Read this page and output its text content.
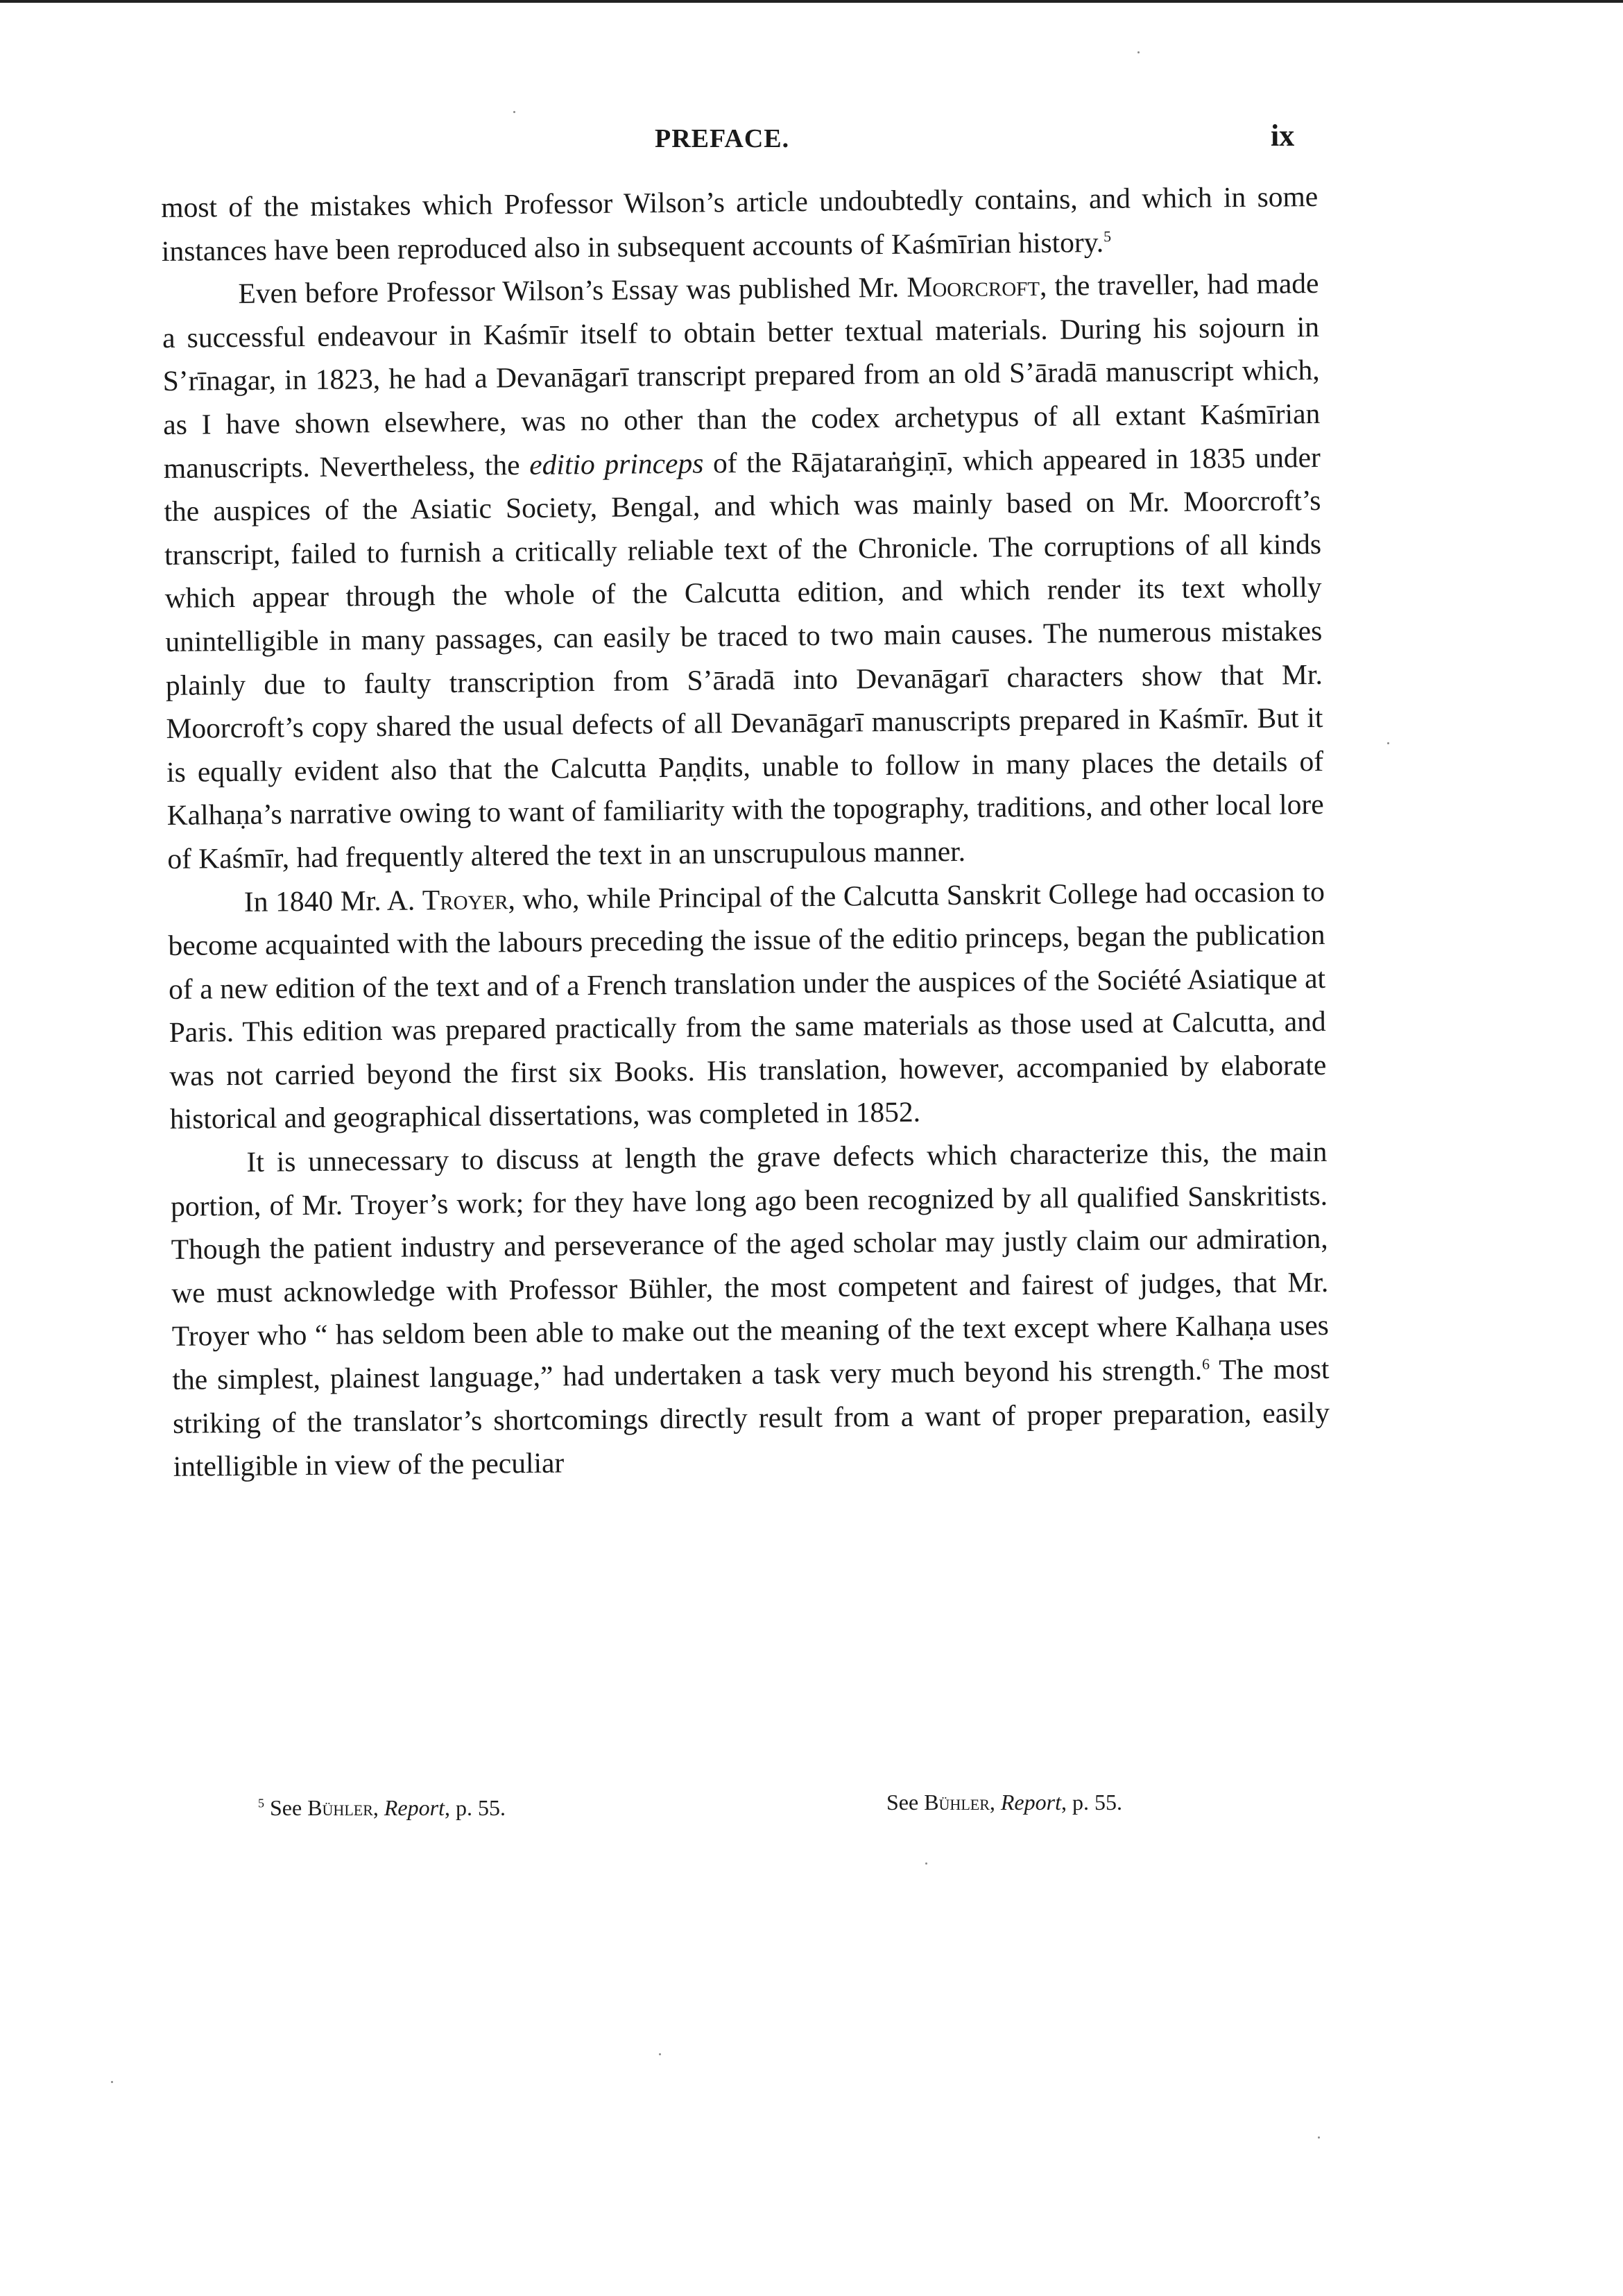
PREFACE.	ix

most of the mistakes which Professor Wilson’s article undoubtedly contains, and which in some instances have been reproduced also in subsequent accounts of Kaśmīrian history.$^5$

Even before Professor Wilson’s Essay was published Mr. Moorcroft, the traveller, had made a successful endeavour in Kaśmīr itself to obtain better textual materials. During his sojourn in S’rīnagar, in 1823, he had a Devanāgarī transcript prepared from an old S’āradā manuscript which, as I have shown elsewhere, was no other than the codex archetypus of all extant Kaśmīrian manuscripts. Nevertheless, the editio princeps of the Rājataraṅgiṇī, which appeared in 1835 under the auspices of the Asiatic Society, Bengal, and which was mainly based on Mr. Moorcroft’s transcript, failed to furnish a critically reliable text of the Chronicle. The corruptions of all kinds which appear through the whole of the Calcutta edition, and which render its text wholly unintelligible in many passages, can easily be traced to two main causes. The numerous mistakes plainly due to faulty transcription from S’āradā into Devanāgarī characters show that Mr. Moorcroft’s copy shared the usual defects of all Devanāgarī manuscripts prepared in Kaśmīr. But it is equally evident also that the Calcutta Paṇḍits, unable to follow in many places the details of Kalhaṇa’s narrative owing to want of familiarity with the topography, traditions, and other local lore of Kaśmīr, had frequently altered the text in an unscrupulous manner.

In 1840 Mr. A. Troyer, who, while Principal of the Calcutta Sanskrit College had occasion to become acquainted with the labours preceding the issue of the editio princeps, began the publication of a new edition of the text and of a French translation under the auspices of the Société Asiatique at Paris. This edition was prepared practically from the same materials as those used at Calcutta, and was not carried beyond the first six Books. His translation, however, accompanied by elaborate historical and geographical dissertations, was completed in 1852.

It is unnecessary to discuss at length the grave defects which characterize this, the main portion, of Mr. Troyer’s work; for they have long ago been recognized by all qualified Sanskritists. Though the patient industry and perseverance of the aged scholar may justly claim our admiration, we must acknowledge with Professor Bühler, the most competent and fairest of judges, that Mr. Troyer who “ has seldom been able to make out the meaning of the text except where Kalhaṇa uses the simplest, plainest language,” had undertaken a task very much beyond his strength.$^6$ The most striking of the translator’s shortcomings directly result from a want of proper preparation, easily intelligible in view of the peculiar

$^5$ See Bühler, Report, p. 55.	See Bühler, Report, p. 55.
